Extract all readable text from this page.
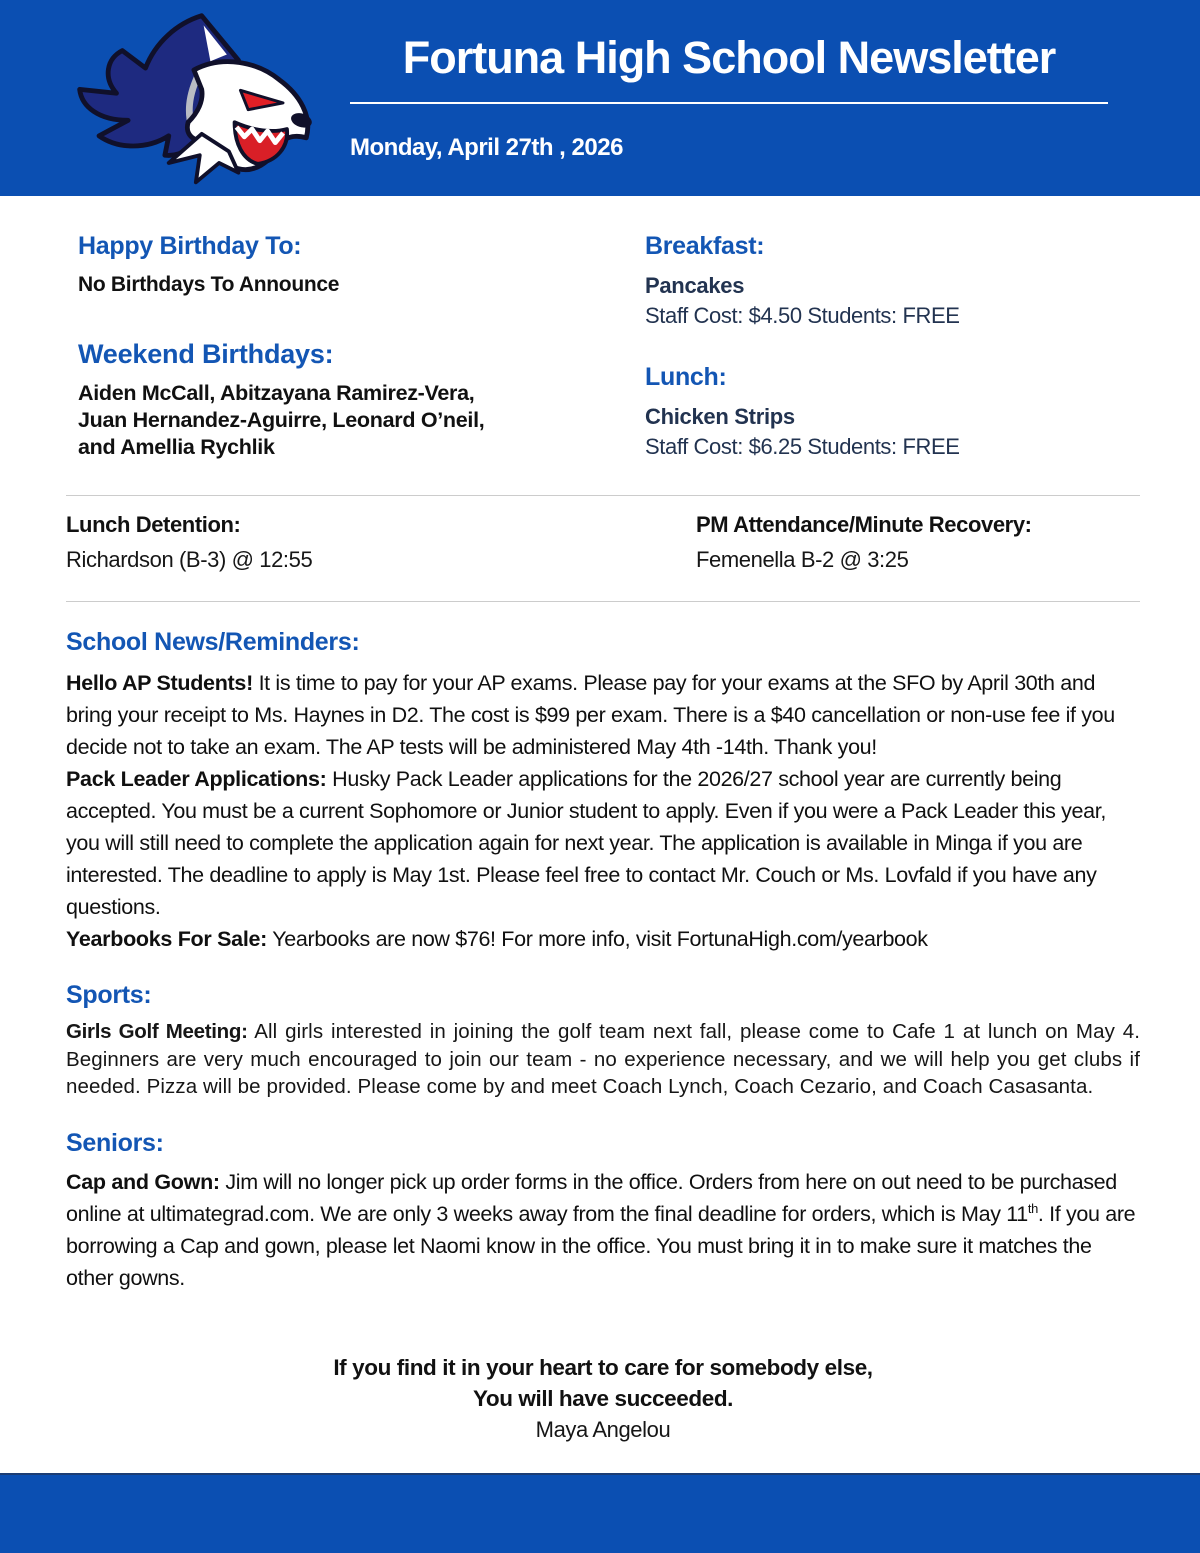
Fortuna High School Newsletter
Monday, April 27th , 2026
Happy Birthday To:

No Birthdays To Announce

Weekend Birthdays:

Aiden McCall, Abitzayana Ramirez-Vera, Juan Hernandez-Aguirre, Leonard O’neil, and Amellia Rychlik

Breakfast:

Pancakes

Staff Cost: $4.50 Students: FREE

Lunch:

Chicken Strips

Staff Cost: $6.25 Students: FREE

Lunch Detention:
Richardson (B-3) @ 12:55
PM Attendance/Minute Recovery:
Femenella B-2 @ 3:25
School News/Reminders:

Hello AP Students! It is time to pay for your AP exams. Please pay for your exams at the SFO by April 30th and bring your receipt to Ms. Haynes in D2. The cost is $99 per exam. There is a $40 cancellation or non-use fee if you decide not to take an exam. The AP tests will be administered May 4th -14th. Thank you!

Pack Leader Applications: Husky Pack Leader applications for the 2026/27 school year are currently being accepted. You must be a current Sophomore or Junior student to apply. Even if you were a Pack Leader this year, you will still need to complete the application again for next year. The application is available in Minga if you are interested. The deadline to apply is May 1st. Please feel free to contact Mr. Couch or Ms. Lovfald if you have any questions.

Yearbooks For Sale: Yearbooks are now $76! For more info, visit FortunaHigh.com/yearbook

Sports:

Girls Golf Meeting: All girls interested in joining the golf team next fall, please come to Cafe 1 at lunch on May 4. Beginners are very much encouraged to join our team - no experience necessary, and we will help you get clubs if needed. Pizza will be provided. Please come by and meet Coach Lynch, Coach Cezario, and Coach Casasanta.

Seniors:

Cap and Gown: Jim will no longer pick up order forms in the office. Orders from here on out need to be purchased online at ultimategrad.com. We are only 3 weeks away from the final deadline for orders, which is May 11th. If you are borrowing a Cap and gown, please let Naomi know in the office. You must bring it in to make sure it matches the other gowns.

If you find it in your heart to care for somebody else,
You will have succeeded.
Maya Angelou
